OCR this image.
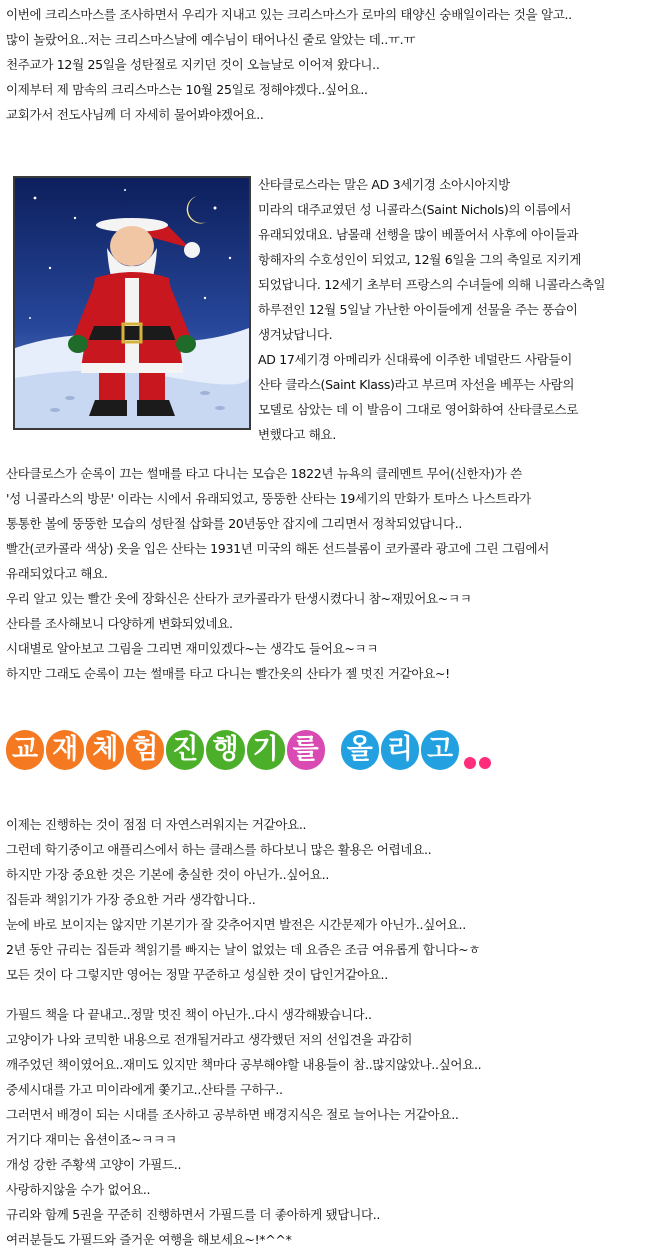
이번에 크리스마스를 조사하면서 우리가 지내고 있는 크리스마스가 로마의 태양신 숭배일이라는 것을 알고..
많이 놀랐어요..저는 크리스마스날에 예수님이 태어나신 줄로 알았는 데..ㅠ.ㅠ
천주교가 12월 25일을 성탄절로 지키던 것이 오늘날로 이어져 왔다니..
이제부터 제 맘속의 크리스마스는 10월 25일로 정해야겠다..싶어요..
교회가서 전도사님께 더 자세히 물어봐야겠어요..
산타클로스라는 말은 AD 3세기경 소아시아지방
미라의 대주교였던 성 니콜라스(Saint Nichols)의 이름에서
유래되었대요. 남몰래 선행을 많이 베풀어서 사후에 아이들과
항해자의 수호성인이 되었고, 12월 6일을 그의 축일로 지키게
되었답니다. 12세기 초부터 프랑스의 수녀들에 의해 니콜라스축일
하루전인 12월 5일날 가난한 아이들에게 선물을 주는 풍습이
생겨났답니다.
AD 17세기경 아메리카 신대륙에 이주한 네덜란드 사람들이
산타 클라스(Saint Klass)라고 부르며 자선을 베푸는 사람의
모델로 삼았는 데 이 발음이 그대로 영어화하여 산타클로스로
변했다고 해요.
산타클로스가 순록이 끄는 썰매를 타고 다니는 모습은 1822년 뉴욕의 클레멘트 무어(신한자)가 쓴
'성 니콜라스의 방문' 이라는 시에서 유래되었고, 뚱뚱한 산타는 19세기의 만화가 토마스 나스트라가
통통한 볼에 뚱뚱한 모습의 성탄절 삽화를 20년동안 잡지에 그리면서 정착되었답니다..
빨간(코카콜라 색상) 옷을 입은 산타는 1931년 미국의 해돈 선드블롬이 코카콜라 광고에 그린 그림에서
유래되었다고 해요.
우리 알고 있는 빨간 옷에 장화신은 산타가 코카콜라가 탄생시켰다니 참~재밌어요~ㅋㅋ
산타를 조사해보니 다양하게 변화되었네요.
시대별로 알아보고 그림을 그리면 재미있겠다~는 생각도 들어요~ㅋㅋ
하지만 그래도 순록이 끄는 썰매를 타고 다니는 빨간옷의 산타가 젤 멋진 거같아요~!
교 재 체 험 진 행 기 를 올 리 고
이제는 진행하는 것이 점점 더 자연스러워지는 거같아요..
그런데 학기중이고 애플리스에서 하는 클래스를 하다보니 많은 활용은 어렵네요..
하지만 가장 중요한 것은 기본에 충실한 것이 아닌가..싶어요..
집듣과 책읽기가 가장 중요한 거라 생각합니다..
눈에 바로 보이지는 않지만 기본기가 잘 갖추어지면 발전은 시간문제가 아닌가..싶어요..
2년 동안 규리는 집듣과 책읽기를 빠지는 날이 없었는 데 요즘은 조금 여유롭게 합니다~ㅎ
모든 것이 다 그렇지만 영어는 정말 꾸준하고 성실한 것이 답인거같아요..
가필드 책을 다 끝내고..정말 멋진 책이 아닌가..다시 생각해봤습니다..
고양이가 나와 코믹한 내용으로 전개될거라고 생각했던 저의 선입견을 과감히
깨주었던 책이였어요..재미도 있지만 책마다 공부해야할 내용들이 참..많지않았나..싶어요..
중세시대를 가고 미이라에게 쫓기고..산타를 구하구..
그러면서 배경이 되는 시대를 조사하고 공부하면 배경지식은 절로 늘어나는 거같아요..
거기다 재미는 옵션이죠~ㅋㅋㅋ
개성 강한 주황색 고양이 가필드..
사랑하지않을 수가 없어요..
규리와 함께 5권을 꾸준히 진행하면서 가필드를 더 좋아하게 됐답니다..
여러분들도 가필드와 즐거운 여행을 해보세요~!*^^*
